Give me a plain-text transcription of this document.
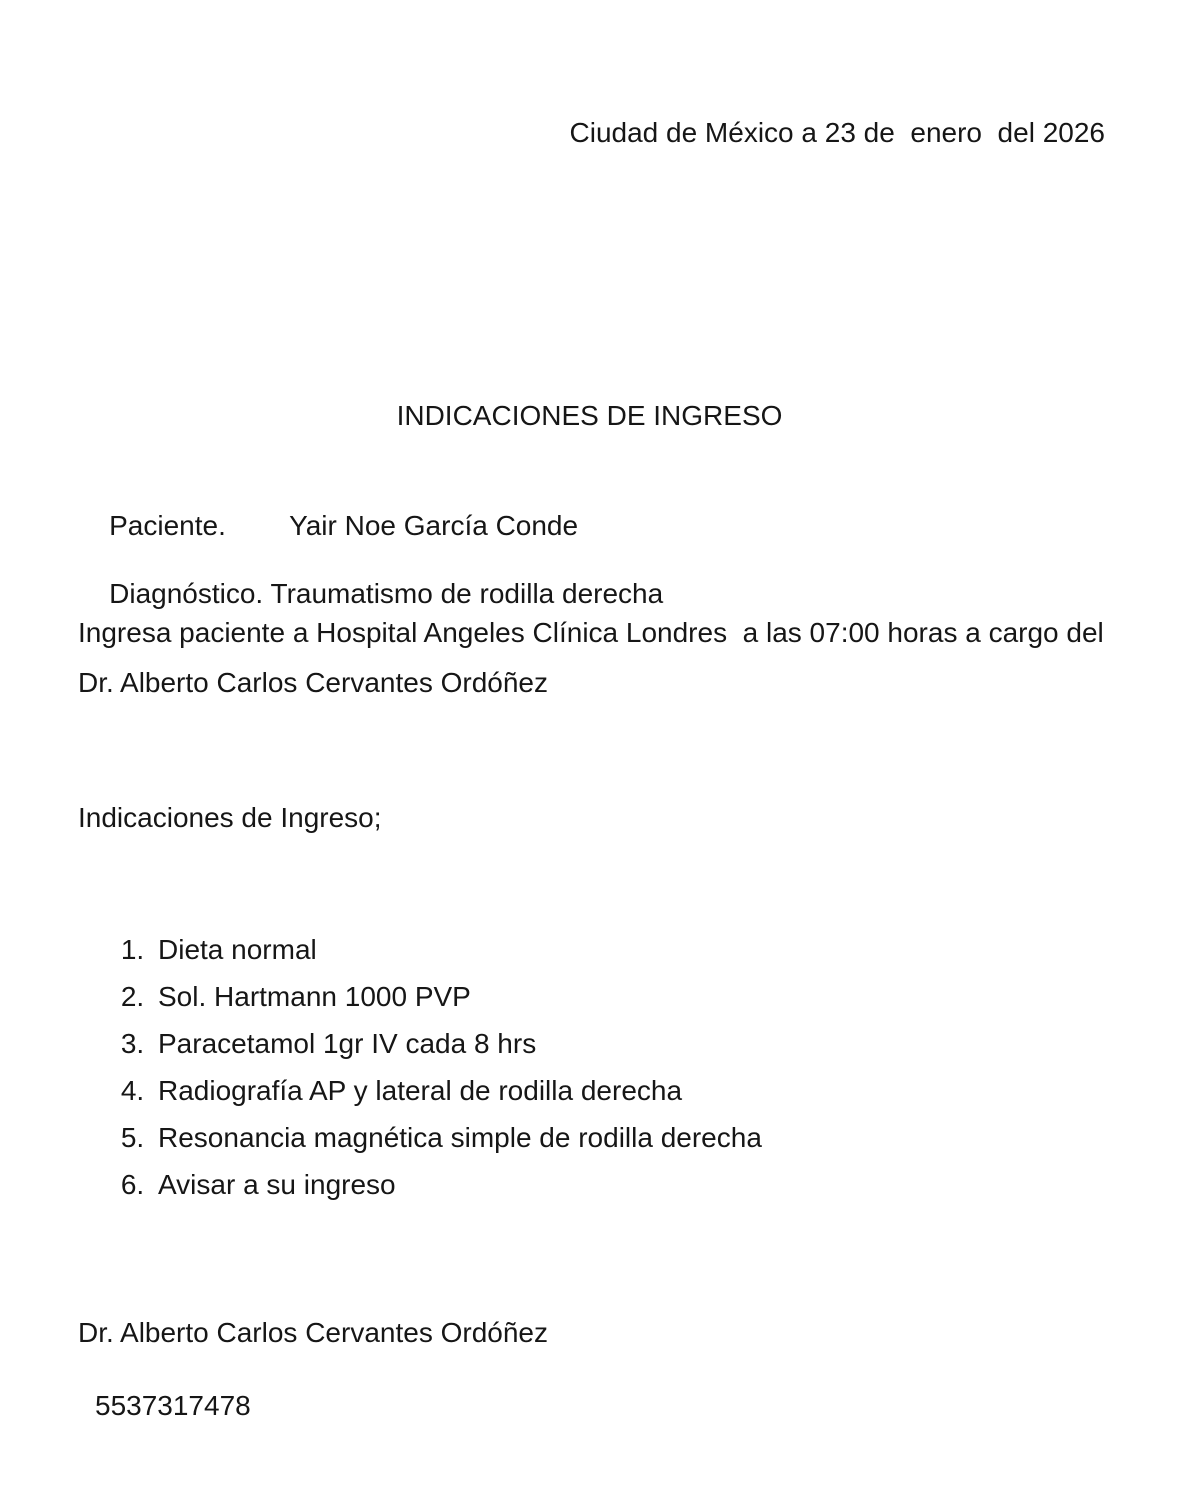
Ciudad de México a 23 de  enero  del 2026
INDICACIONES DE INGRESO

Paciente. Yair Noe García Conde

Diagnóstico. Traumatismo de rodilla derecha

Ingresa paciente a Hospital Angeles Clínica Londres  a las 07:00 horas a cargo del Dr. Alberto Carlos Cervantes Ordóñez
Indicaciones de Ingreso;
1. Dieta normal
2. Sol. Hartmann 1000 PVP
3. Paracetamol 1gr IV cada 8 hrs
4. Radiografía AP y lateral de rodilla derecha
5. Resonancia magnética simple de rodilla derecha
6. Avisar a su ingreso
Dr. Alberto Carlos Cervantes Ordóñez
5537317478
